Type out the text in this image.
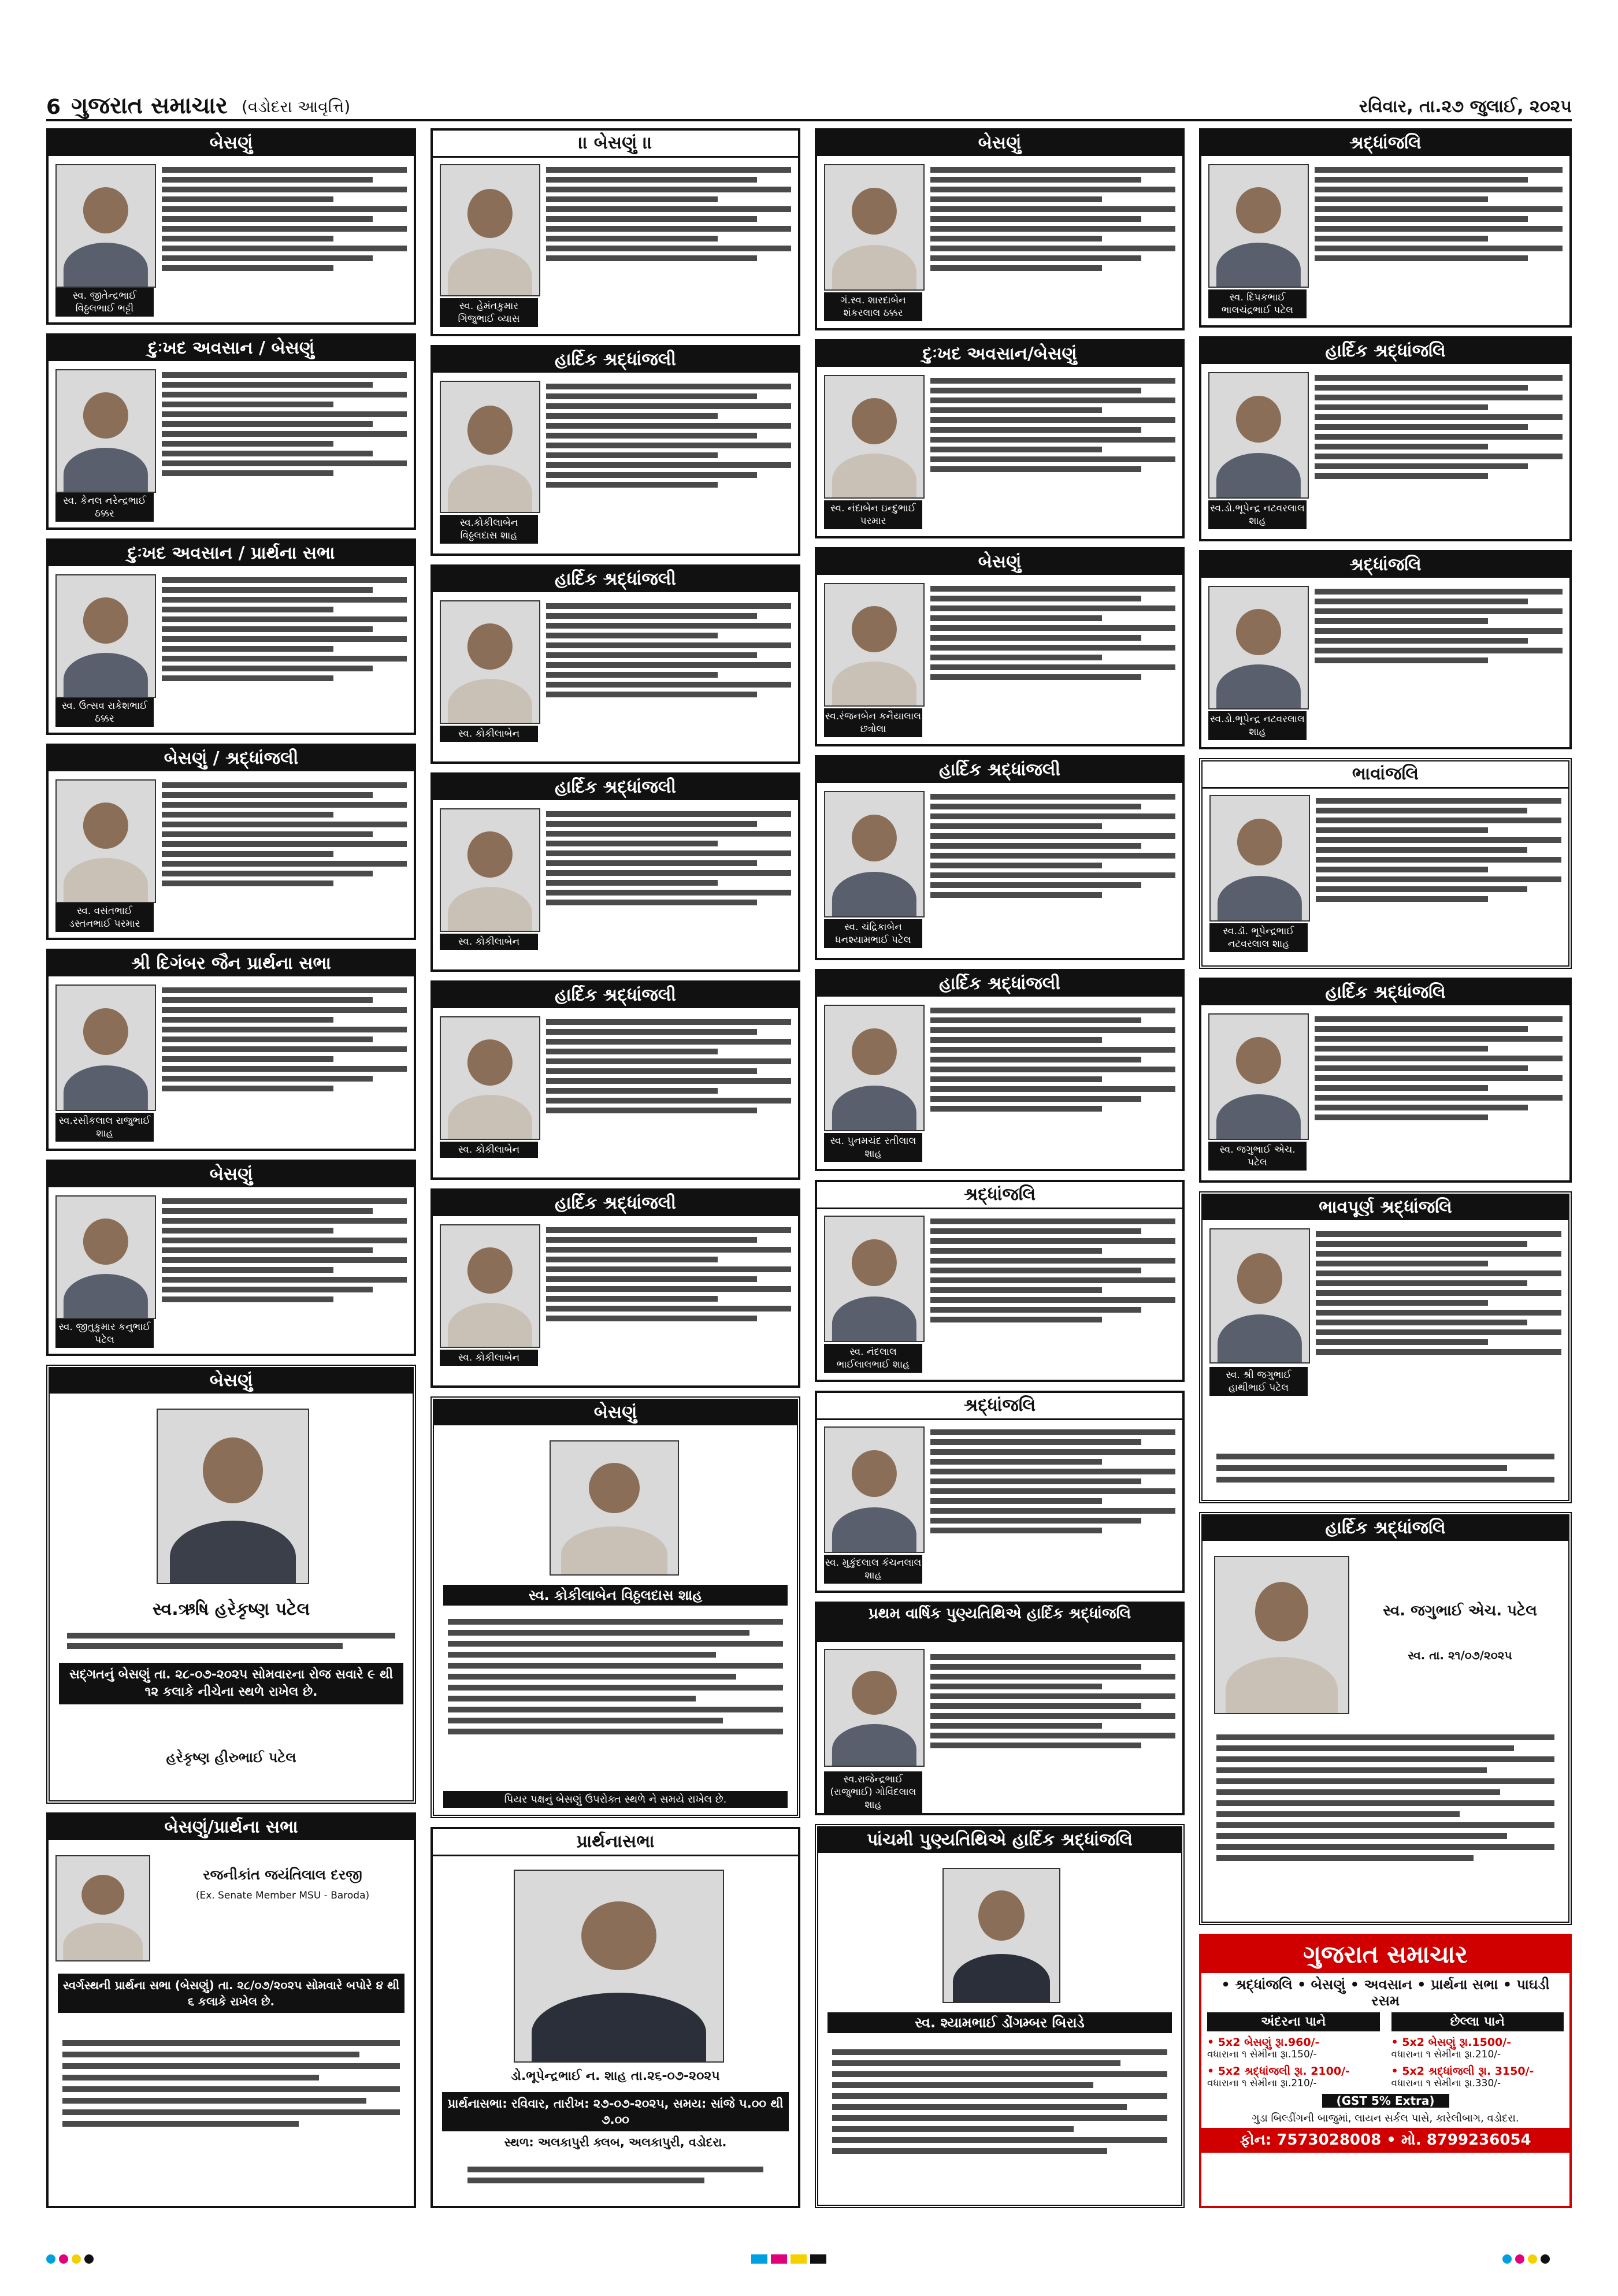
6 ગુજરાત સમાચાર (વડોદરા આવૃત્તિ)	રવિવાર, તા.૨૭ જુલાઈ, ૨૦૨૫
બેસણું
સ્વ. જીતેન્દ્રભાઈ વિઠ્ઠલભાઈ ભટ્ટી
દુઃખદ અવસાન / બેસણું
સ્વ. કેનલ નરેન્દ્રભાઈ ઠક્કર
દુઃખદ અવસાન / પ્રાર્થના સભા
સ્વ. ઉત્સવ રાકેશભાઈ ઠક્કર
બેસણું / શ્રદ્ધાંજલી
સ્વ. વસંતભાઈ ડસ્તનભાઈ પરમાર
શ્રી દિગંબર જૈન પ્રાર્થના સભા
સ્વ.રસીકલાલ રાજુભાઈ શાહ
બેસણું
સ્વ. જીતુકુમાર કનુભાઈ પટેલ
બેસણું
સ્વ.ઋષિ હરેકૃષ્ણ પટેલ
સદ્‌ગતનું બેસણું તા. ૨૮-૦૭-૨૦૨૫ સોમવારના રોજ સવારે ૯ થી ૧૨ કલાકે નીચેના સ્થળે રાખેલ છે.
હરેકૃષ્ણ હીરુભાઈ પટેલ
બેસણું/પ્રાર્થના સભા
રજનીકાંત જયંતિલાલ દરજી
(Ex. Senate Member MSU - Baroda)
સ્વર્ગસ્થની પ્રાર્થના સભા (બેસણું) તા. ૨૮/૦૭/૨૦૨૫ સોમવારે બપોરે ૪ થી ૬ કલાકે રાખેલ છે.
।। બેસણું ।।
સ્વ. હેમંતકુમાર ગિજુભાઈ વ્યાસ
હાર્દિક શ્રદ્ધાંજલી
સ્વ.કોકીલાબેન વિઠ્ઠલદાસ શાહ
હાર્દિક શ્રદ્ધાંજલી
સ્વ. કોકીલાબેન
હાર્દિક શ્રદ્ધાંજલી
સ્વ. કોકીલાબેન
હાર્દિક શ્રદ્ધાંજલી
સ્વ. કોકીલાબેન
હાર્દિક શ્રદ્ધાંજલી
સ્વ. કોકીલાબેન
બેસણું
સ્વ. કોકીલાબેન વિઠ્ઠલદાસ શાહ
પિયર પક્ષનું બેસણું ઉપરોક્ત સ્થળે ને સમયે રાખેલ છે.
પ્રાર્થનાસભા
ડો.ભૂપેન્દ્રભાઈ ન. શાહ તા.૨૬-૦૭-૨૦૨૫
પ્રાર્થનાસભા: રવિવાર, તારીખ: ૨૭-૦૭-૨૦૨૫, સમય: સાંજે ૫.૦૦ થી ૭.૦૦
સ્થળ: અલકાપુરી ક્લબ, અલકાપુરી, વડોદરા.
બેસણું
ગં.સ્વ. શારદાબેન શંકરલાલ ઠક્કર
દુઃખદ અવસાન/બેસણું
સ્વ. નંદાબેન ઇન્દુભાઈ પરમાર
બેસણું
સ્વ.રંજનબેન કનૈયાલાલ છત્રોલા
હાર્દિક શ્રદ્ધાંજલી
સ્વ. ચંદ્રિકાબેન ધનશ્યામભાઈ પટેલ
હાર્દિક શ્રદ્ધાંજલી
સ્વ. પુનમચંદ રતીલાલ શાહ
શ્રદ્ધાંજલિ
સ્વ. નંદલાલ ભાઈલાલભાઈ શાહ
શ્રદ્ધાંજલિ
સ્વ. મુકુંદલાલ કંચનલાલ શાહ
પ્રથમ વાર્ષિક પુણ્યતિથિએ હાર્દિક શ્રદ્ધાંજલિ
સ્વ.રાજેન્દ્રભાઈ (રાજુભાઈ) ગોવિંદલાલ શાહ
પાંચમી પુણ્યતિથિએ હાર્દિક શ્રદ્ધાંજલિ
સ્વ. શ્યામભાઈ ડોંગમ્બર બિરાડે
શ્રદ્ધાંજલિ
સ્વ. દિપકભાઈ ભાલચંદ્રભાઈ પટેલ
હાર્દિક શ્રદ્ધાંજલિ
સ્વ.ડો.ભૂપેન્દ્ર નટવરલાલ શાહ
શ્રદ્ધાંજલિ
સ્વ.ડો.ભૂપેન્દ્ર નટવરલાલ શાહ
ભાવાંજલિ
સ્વ.ડૉ. ભૂપેન્દ્રભાઈ નટવરલાલ શાહ
હાર્દિક શ્રદ્ધાંજલિ
સ્વ. જગુભાઈ એચ. પટેલ
ભાવપૂર્ણ શ્રદ્ધાંજલિ
સ્વ. શ્રી જગુભાઈ હાથીભાઈ પટેલ
હાર્દિક શ્રદ્ધાંજલિ
સ્વ. જગુભાઈ એચ. પટેલ
સ્વ. તા. ૨૧/૦૭/૨૦૨૫
ગુજરાત સમાચાર
• શ્રદ્ધાંજલિ • બેસણું • અવસાન • પ્રાર્થના સભા • પાઘડી રસમ
અંદરના પાને
• 5x2 બેસણું રૂા.960/-
વધારાના ૧ સેમીના રૂા.150/-
• 5x2 શ્રદ્ધાંજલી રૂા. 2100/-
વધારાના ૧ સેમીના રૂા.210/-
છેલ્લા પાને
• 5x2 બેસણું રૂા.1500/-
વધારાના ૧ સેમીના રૂા.210/-
• 5x2 શ્રદ્ધાંજલી રૂા. 3150/-
વધારાના ૧ સેમીના રૂા.330/-
(GST 5% Extra)
ગુડા બિલ્ડીંગની બાજુમાં, લાયન સર્કલ પાસે, કારેલીબાગ, વડોદરા.
ફોન: 7573028008 • મો. 8799236054
